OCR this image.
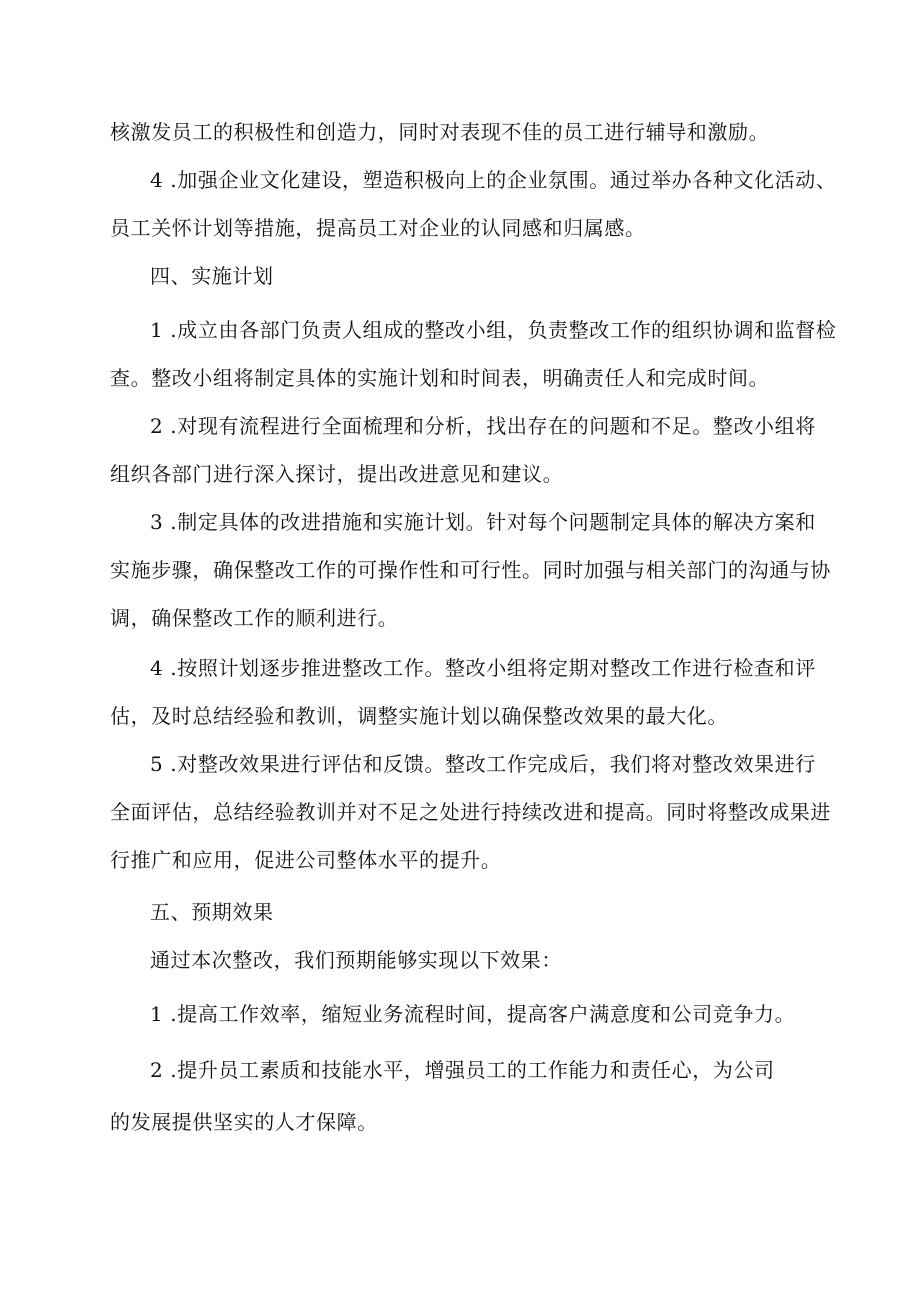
核激发员工的积极性和创造力，同时对表现不佳的员工进行辅导和激励。
4 .加强企业文化建设，塑造积极向上的企业氛围。通过举办各种文化活动、
员工关怀计划等措施，提高员工对企业的认同感和归属感。
四、实施计划
1 .成立由各部门负责人组成的整改小组，负责整改工作的组织协调和监督检
查。整改小组将制定具体的实施计划和时间表，明确责任人和完成时间。
2 .对现有流程进行全面梳理和分析，找出存在的问题和不足。整改小组将
组织各部门进行深入探讨，提出改进意见和建议。
3 .制定具体的改进措施和实施计划。针对每个问题制定具体的解决方案和
实施步骤，确保整改工作的可操作性和可行性。同时加强与相关部门的沟通与协
调，确保整改工作的顺利进行。
4 .按照计划逐步推进整改工作。整改小组将定期对整改工作进行检查和评
估，及时总结经验和教训，调整实施计划以确保整改效果的最大化。
5 .对整改效果进行评估和反馈。整改工作完成后，我们将对整改效果进行
全面评估，总结经验教训并对不足之处进行持续改进和提高。同时将整改成果进
行推广和应用，促进公司整体水平的提升。
五、预期效果
通过本次整改，我们预期能够实现以下效果：
1 .提高工作效率，缩短业务流程时间，提高客户满意度和公司竞争力。
2 .提升员工素质和技能水平，增强员工的工作能力和责任心，为公司
的发展提供坚实的人才保障。
